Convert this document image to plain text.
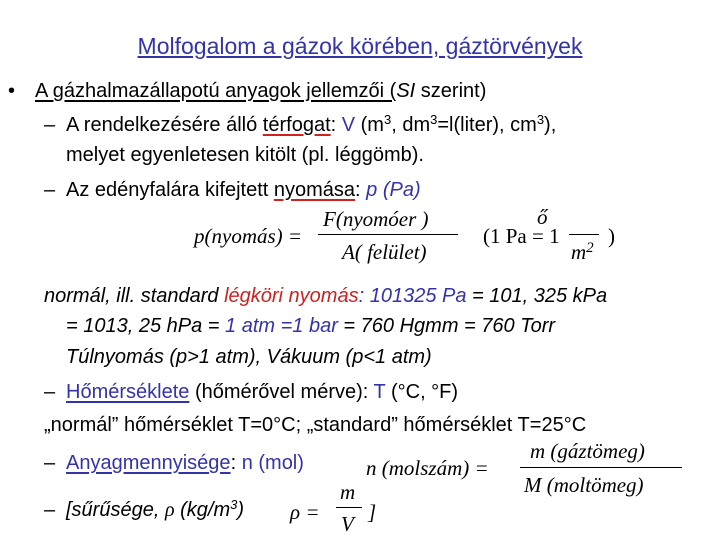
Molfogalom a gázok körében, gáztörvények
• A gázhalmazállapotú anyagok jellemzői (SI szerint)
– A rendelkezésére álló térfogat: V ($m^3$, $dm^3=l(liter)$, $cm^3$),
melyet egyenletesen kitölt (pl. léggömb).
– Az edényfalára kifejtett nyomása: p (Pa)
p(nyomás) =
F(nyomóer )
A( felület)
(1 Pa = 1
ő
$m^2$ )
normál, ill. standard légköri nyomás: 101325 Pa = 101, 325 kPa
= 1013, 25 hPa = 1 atm =1 bar = 760 Hgmm = 760 Torr
Túlnyomás (p>1 atm), Vákuum (p<1 atm)
– Hőmérséklete (hőmérővel mérve): T (°C, °F)
„normál” hőmérséklet T=0°C; „standard” hőmérséklet T=25°C
– Anyagmennyisége: n (mol)	n (molszám) =
m (gáztömeg)
M (moltömeg)
– [sűrűsége, ρ $(kg/m^3) \rho$ =
m
V ]
